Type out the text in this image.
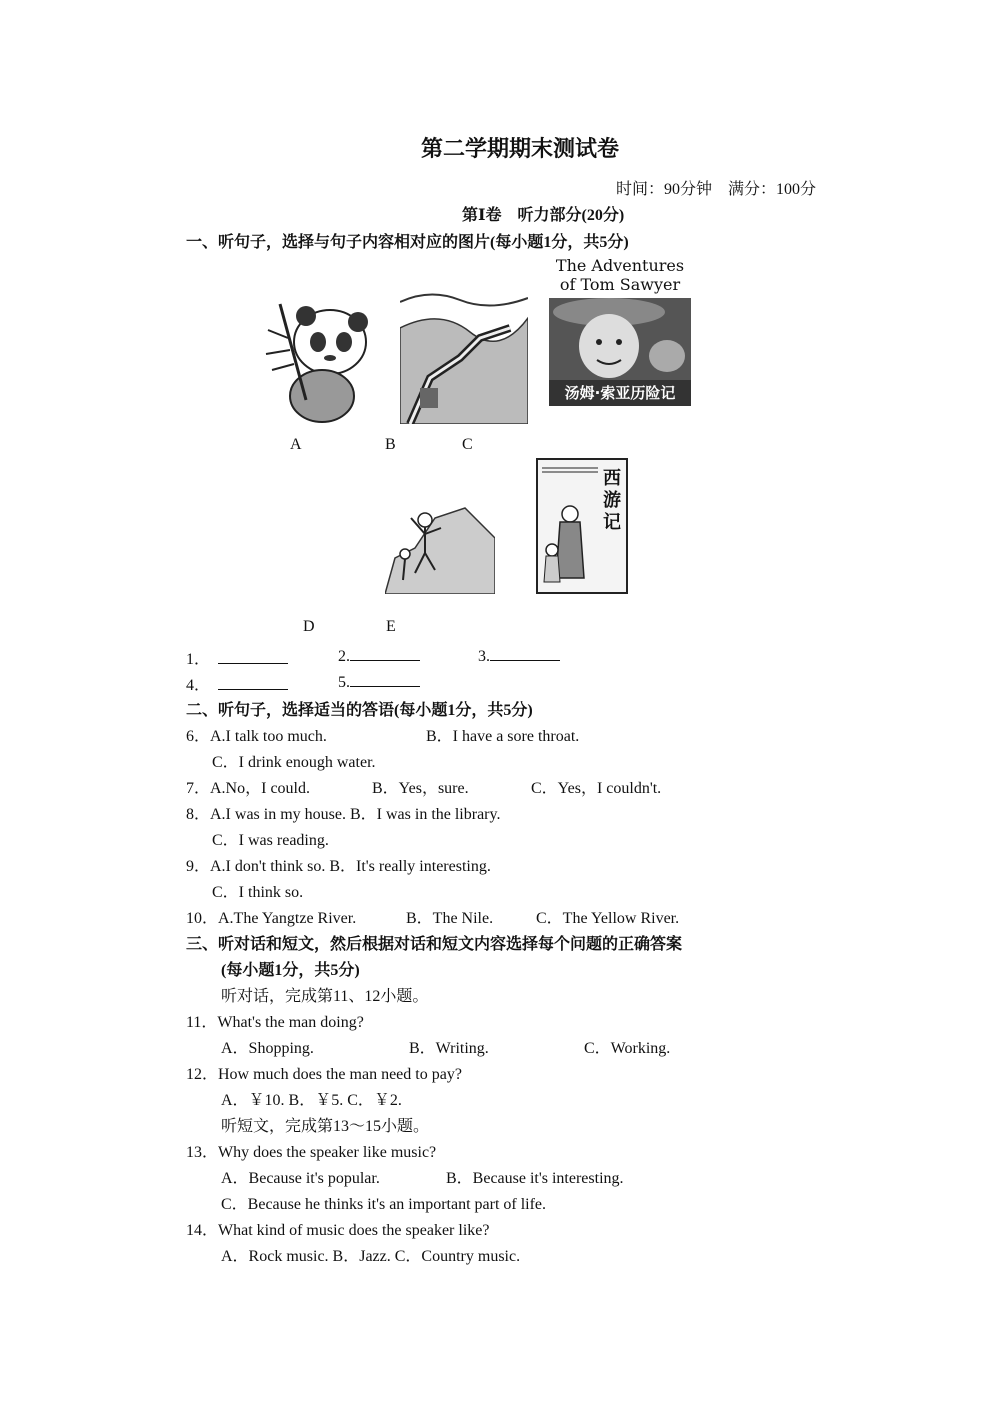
第二学期期末测试卷
时间：90分钟　满分：100分
第Ⅰ卷　听力部分(20分)
一、听句子，选择与句子内容相对应的图片(每小题1分，共5分)
The Adventures
of Tom Sawyer
汤姆·索亚历险记
A	B	C
西游记
D	E
1．	2.	3.
4．	5.
二、听句子，选择适当的答语(每小题1分，共5分)
6．A.I talk too much.	B．I have a sore throat.
C．I drink enough water.
7．A.No，I could.	B．Yes，sure.	C．Yes，I couldn't.
8．A.I was in my house. B．I was in the library.
C．I was reading.
9．A.I don't think so. B．It's really interesting.
C．I think so.
10．A.The Yangtze River.	B．The Nile.	C．The Yellow River.
三、听对话和短文，然后根据对话和短文内容选择每个问题的正确答案
(每小题1分，共5分)
听对话，完成第11、12小题。
11．What's the man doing?
A．Shopping.	B．Writing.	C．Working.
12．How much does the man need to pay?
A．￥10. B．￥5. C．￥2.
听短文，完成第13～15小题。
13．Why does the speaker like music?
A．Because it's popular.	B．Because it's interesting.
C．Because he thinks it's an important part of life.
14．What kind of music does the speaker like?
A．Rock music. B．Jazz. C．Country music.
